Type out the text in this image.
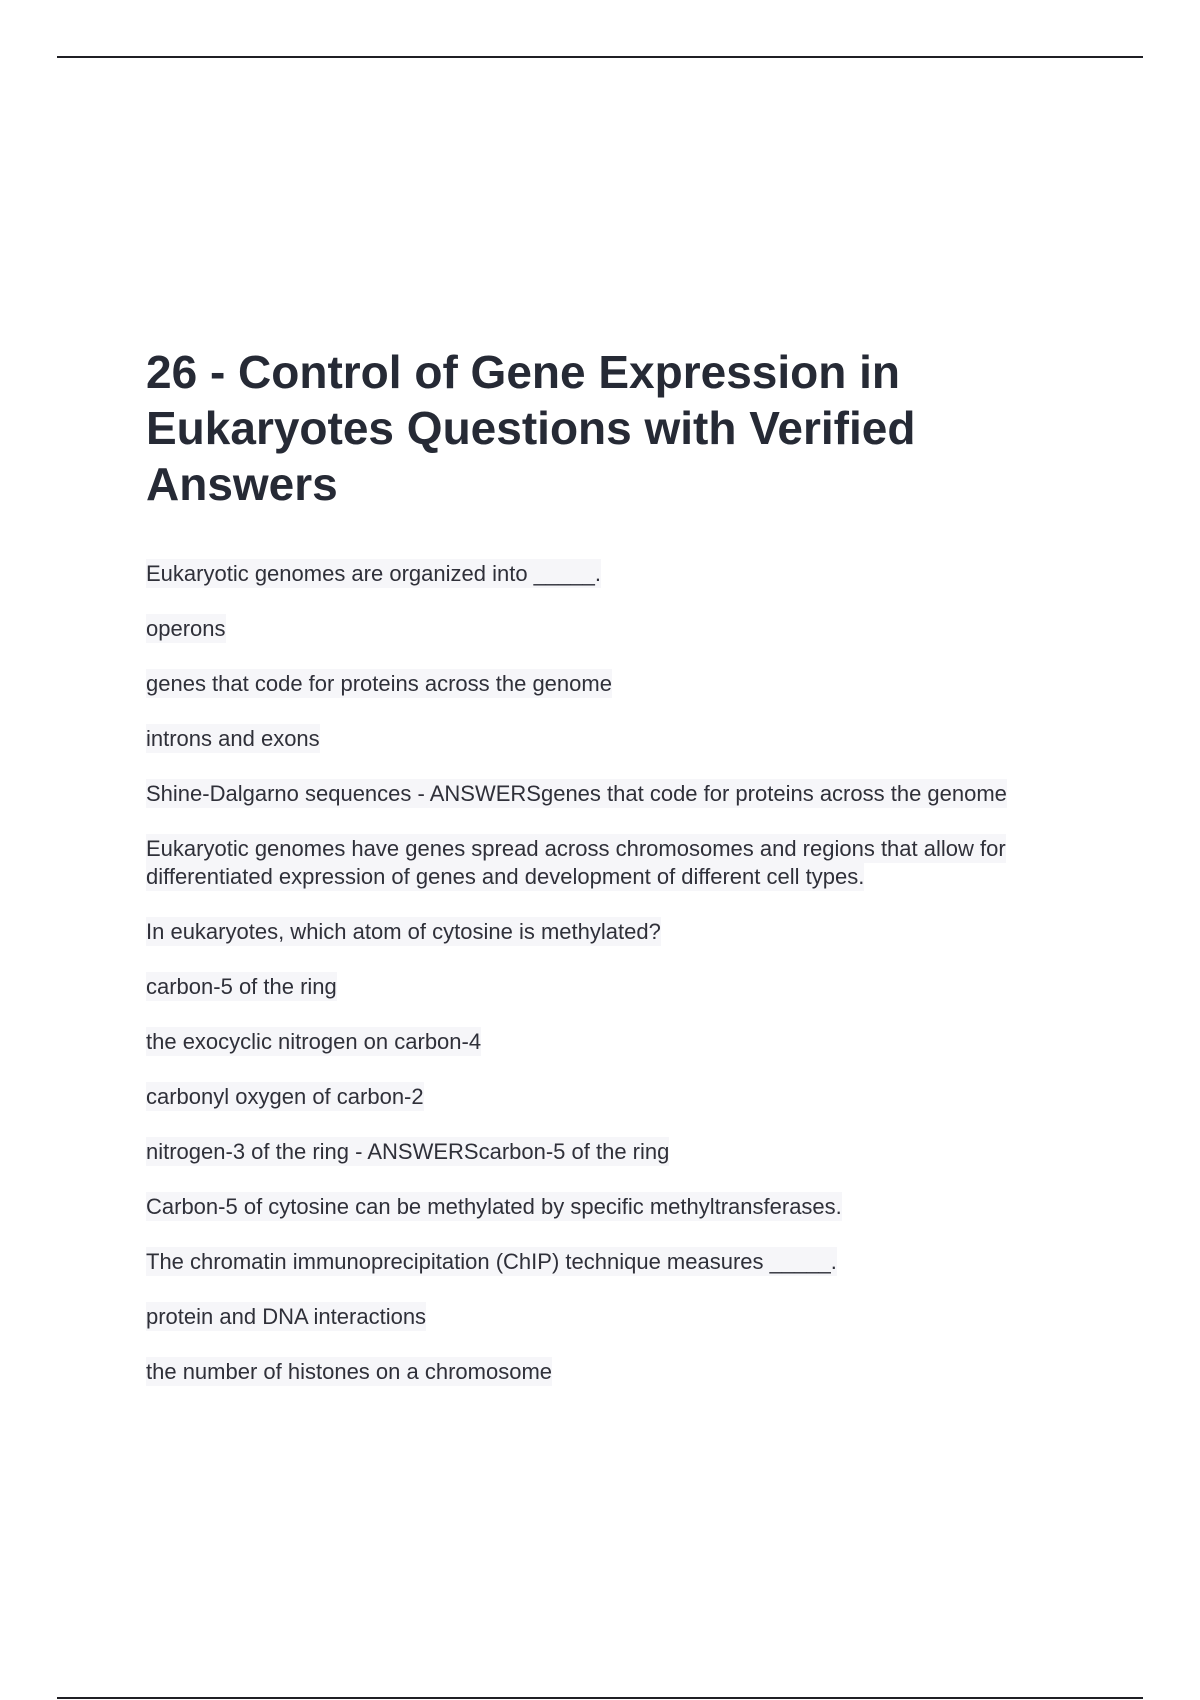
26 - Control of Gene Expression in Eukaryotes Questions with Verified Answers
Eukaryotic genomes are organized into _____.
operons
genes that code for proteins across the genome
introns and exons
Shine-Dalgarno sequences - ANSWERSgenes that code for proteins across the genome
Eukaryotic genomes have genes spread across chromosomes and regions that allow for differentiated expression of genes and development of different cell types.
In eukaryotes, which atom of cytosine is methylated?
carbon-5 of the ring
the exocyclic nitrogen on carbon-4
carbonyl oxygen of carbon-2
nitrogen-3 of the ring - ANSWERScarbon-5 of the ring
Carbon-5 of cytosine can be methylated by specific methyltransferases.
The chromatin immunoprecipitation (ChIP) technique measures _____.
protein and DNA interactions
the number of histones on a chromosome
